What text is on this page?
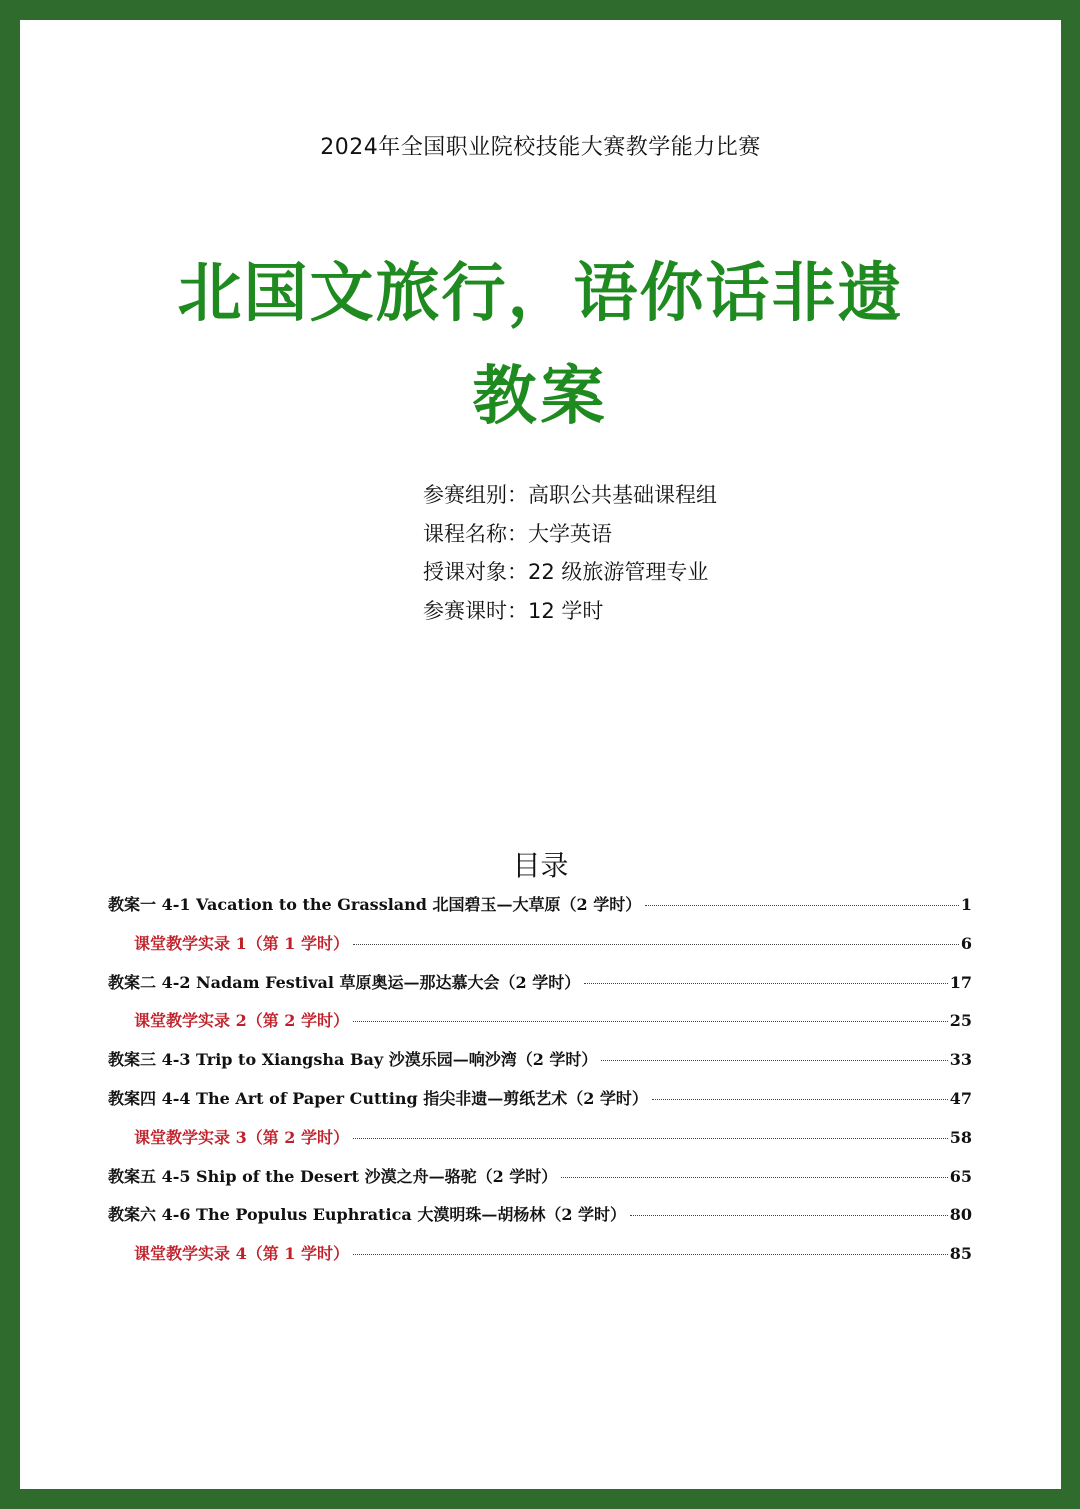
2024年全国职业院校技能大赛教学能力比赛
北国文旅行，语你话非遗
教案
参赛组别：高职公共基础课程组
课程名称：大学英语
授课对象：22 级旅游管理专业
参赛课时：12 学时
目录
教案一 4-1 Vacation to the Grassland 北国碧玉—大草原（2 学时）	1
课堂教学实录 1（第 1 学时）	6
教案二 4-2 Nadam Festival 草原奥运—那达慕大会（2 学时）	17
课堂教学实录 2（第 2 学时）	25
教案三 4-3 Trip to Xiangsha Bay 沙漠乐园—响沙湾（2 学时）	33
教案四 4-4 The Art of Paper Cutting 指尖非遗—剪纸艺术（2 学时）	47
课堂教学实录 3（第 2 学时）	58
教案五 4-5 Ship of the Desert 沙漠之舟—骆驼（2 学时）	65
教案六 4-6 The Populus Euphratica 大漠明珠—胡杨林（2 学时）	80
课堂教学实录 4（第 1 学时）	85
